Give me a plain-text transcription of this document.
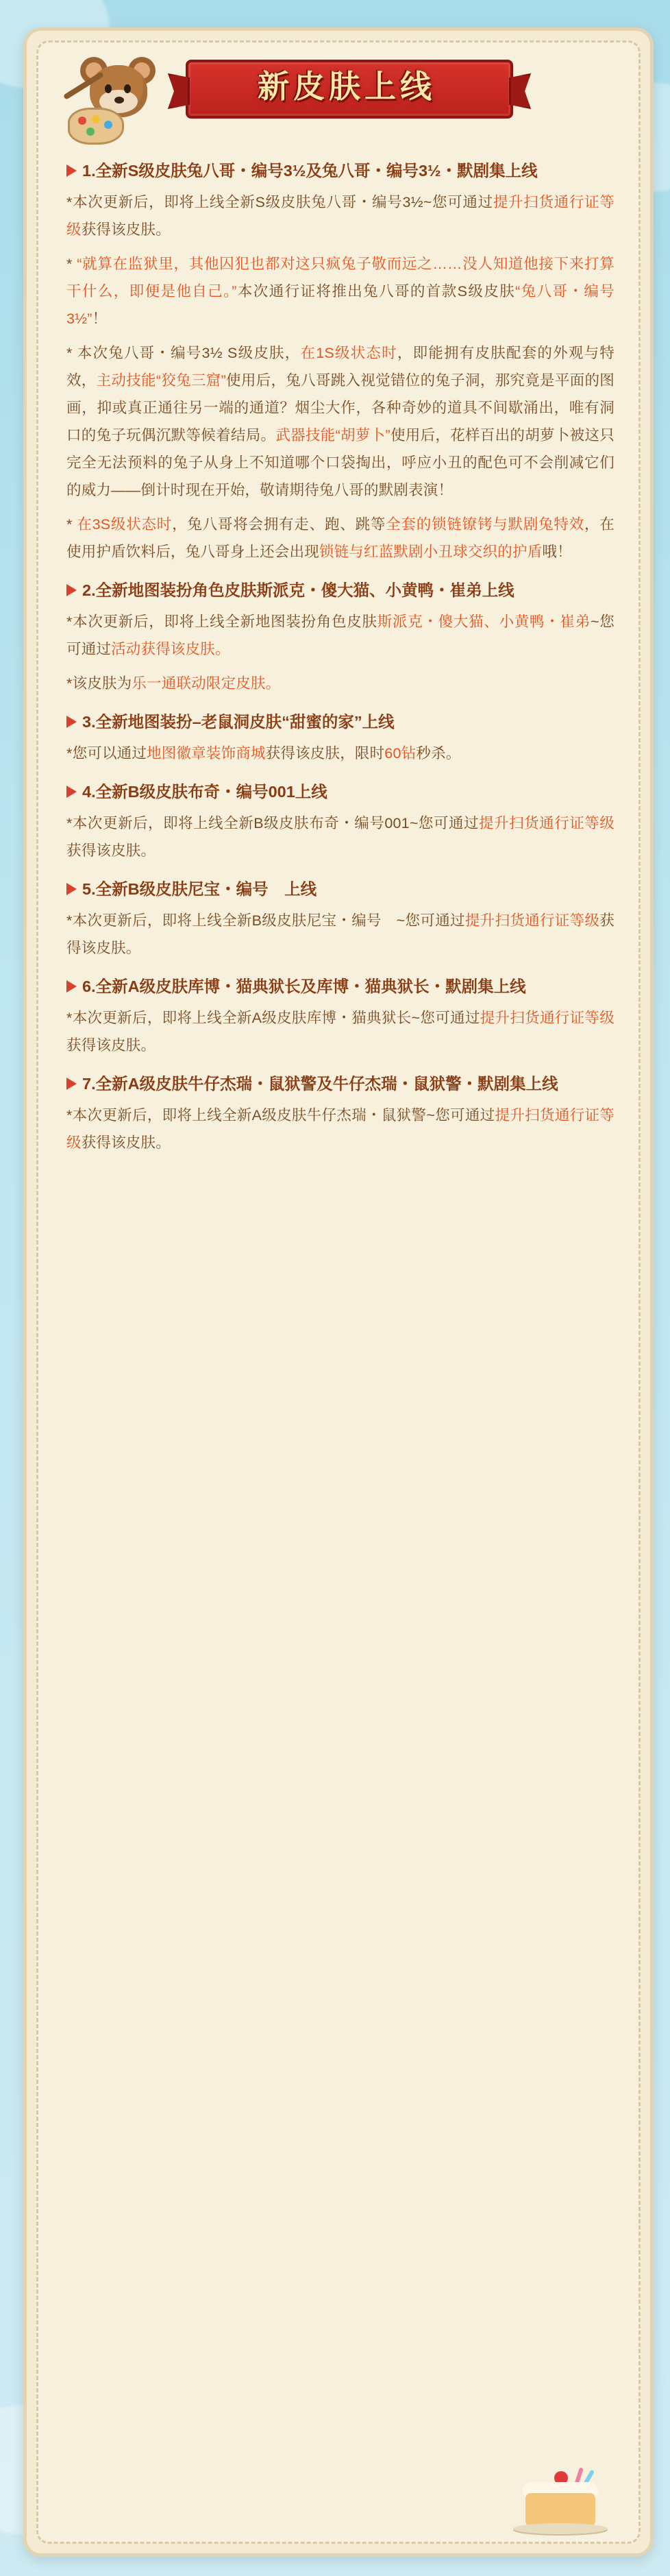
新皮肤上线
1.全新S级皮肤兔八哥・编号3½及兔八哥・编号3½・默剧集上线

*本次更新后，即将上线全新S级皮肤兔八哥・编号3½~您可通过提升扫货通行证等级获得该皮肤。

* “就算在监狱里，其他囚犯也都对这只疯兔子敬而远之……没人知道他接下来打算干什么，即便是他自己。”本次通行证将推出兔八哥的首款S级皮肤“兔八哥・编号3½”！

* 本次兔八哥・编号3½ S级皮肤，在1S级状态时，即能拥有皮肤配套的外观与特效，主动技能“狡兔三窟”使用后，兔八哥跳入视觉错位的兔子洞，那究竟是平面的图画，抑或真正通往另一端的通道？烟尘大作，各种奇妙的道具不间歇涌出，唯有洞口的兔子玩偶沉默等候着结局。武器技能“胡萝卜”使用后，花样百出的胡萝卜被这只完全无法预料的兔子从身上不知道哪个口袋掏出，呼应小丑的配色可不会削减它们的威力——倒计时现在开始，敬请期待兔八哥的默剧表演！

* 在3S级状态时，兔八哥将会拥有走、跑、跳等全套的锁链镣铐与默剧兔特效，在使用护盾饮料后，兔八哥身上还会出现锁链与红蓝默剧小丑球交织的护盾哦！

2.全新地图装扮角色皮肤斯派克・傻大猫、小黄鸭・崔弟上线

*本次更新后，即将上线全新地图装扮角色皮肤斯派克・傻大猫、小黄鸭・崔弟~您可通过活动获得该皮肤。

*该皮肤为乐一通联动限定皮肤。

3.全新地图装扮–老鼠洞皮肤“甜蜜的家”上线

*您可以通过地图徽章装饰商城获得该皮肤，限时60钻秒杀。

4.全新B级皮肤布奇・编号001上线

*本次更新后，即将上线全新B级皮肤布奇・编号001~您可通过提升扫货通行证等级获得该皮肤。

5.全新B级皮肤尼宝・编号　上线

*本次更新后，即将上线全新B级皮肤尼宝・编号　~您可通过提升扫货通行证等级获得该皮肤。

6.全新A级皮肤库博・猫典狱长及库博・猫典狱长・默剧集上线

*本次更新后，即将上线全新A级皮肤库博・猫典狱长~您可通过提升扫货通行证等级获得该皮肤。

7.全新A级皮肤牛仔杰瑞・鼠狱警及牛仔杰瑞・鼠狱警・默剧集上线

*本次更新后，即将上线全新A级皮肤牛仔杰瑞・鼠狱警~您可通过提升扫货通行证等级获得该皮肤。
